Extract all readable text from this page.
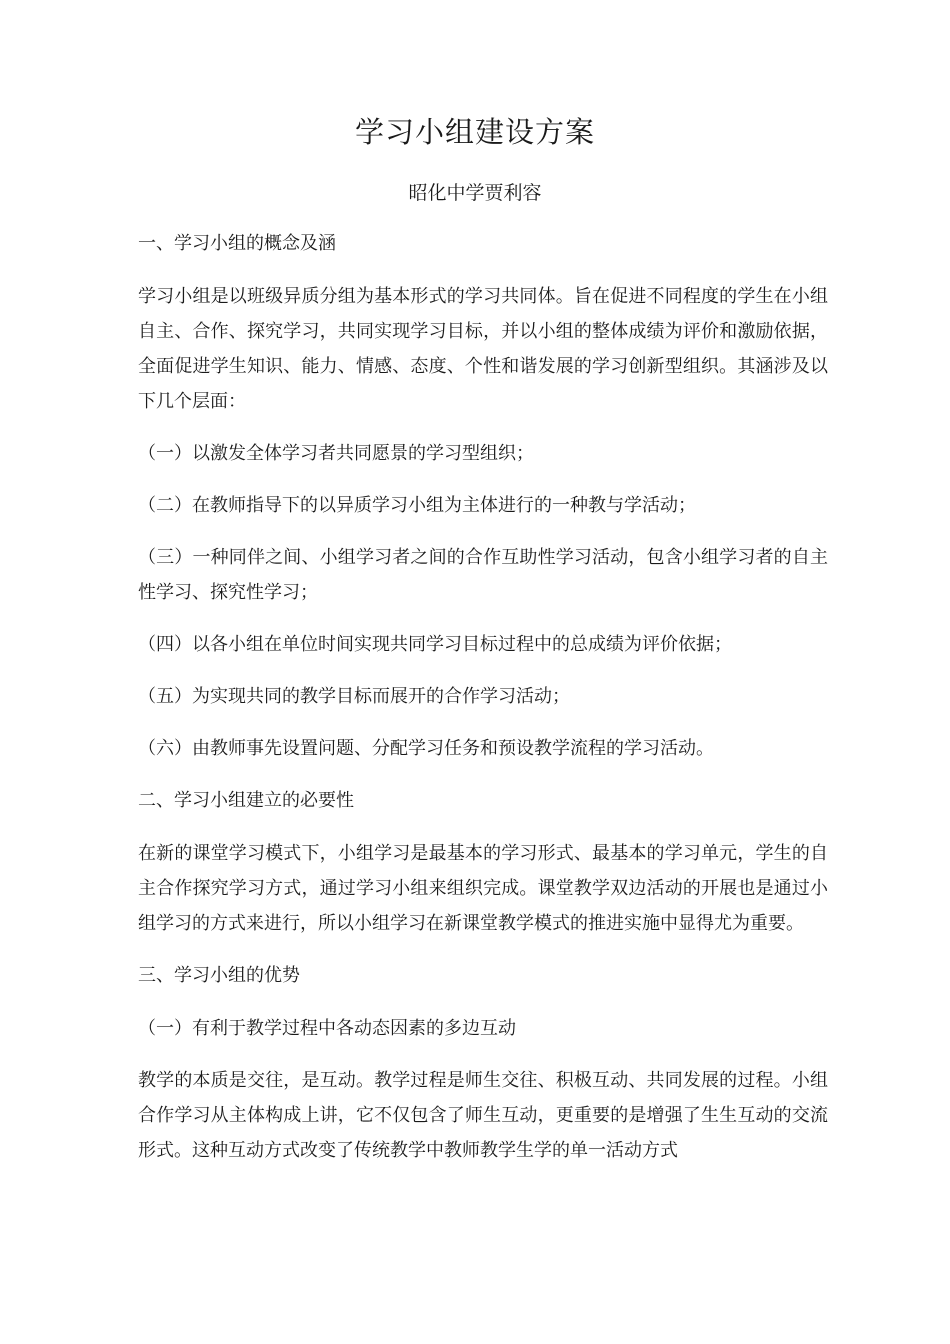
学习小组建设方案
昭化中学贾利容

一、学习小组的概念及涵

学习小组是以班级异质分组为基本形式的学习共同体。旨在促进不同程度的学生在小组自主、合作、探究学习，共同实现学习目标，并以小组的整体成绩为评价和激励依据，全面促进学生知识、能力、情感、态度、个性和谐发展的学习创新型组织。其涵涉及以下几个层面：

（一）以激发全体学习者共同愿景的学习型组织；

（二）在教师指导下的以异质学习小组为主体进行的一种教与学活动；

（三）一种同伴之间、小组学习者之间的合作互助性学习活动，包含小组学习者的自主性学习、探究性学习；

（四）以各小组在单位时间实现共同学习目标过程中的总成绩为评价依据；

（五）为实现共同的教学目标而展开的合作学习活动；

（六）由教师事先设置问题、分配学习任务和预设教学流程的学习活动。

二、学习小组建立的必要性

在新的课堂学习模式下，小组学习是最基本的学习形式、最基本的学习单元，学生的自主合作探究学习方式，通过学习小组来组织完成。课堂教学双边活动的开展也是通过小组学习的方式来进行，所以小组学习在新课堂教学模式的推进实施中显得尤为重要。

三、学习小组的优势

（一）有利于教学过程中各动态因素的多边互动

教学的本质是交往，是互动。教学过程是师生交往、积极互动、共同发展的过程。小组合作学习从主体构成上讲，它不仅包含了师生互动，更重要的是增强了生生互动的交流形式。这种互动方式改变了传统教学中教师教学生学的单一活动方式
